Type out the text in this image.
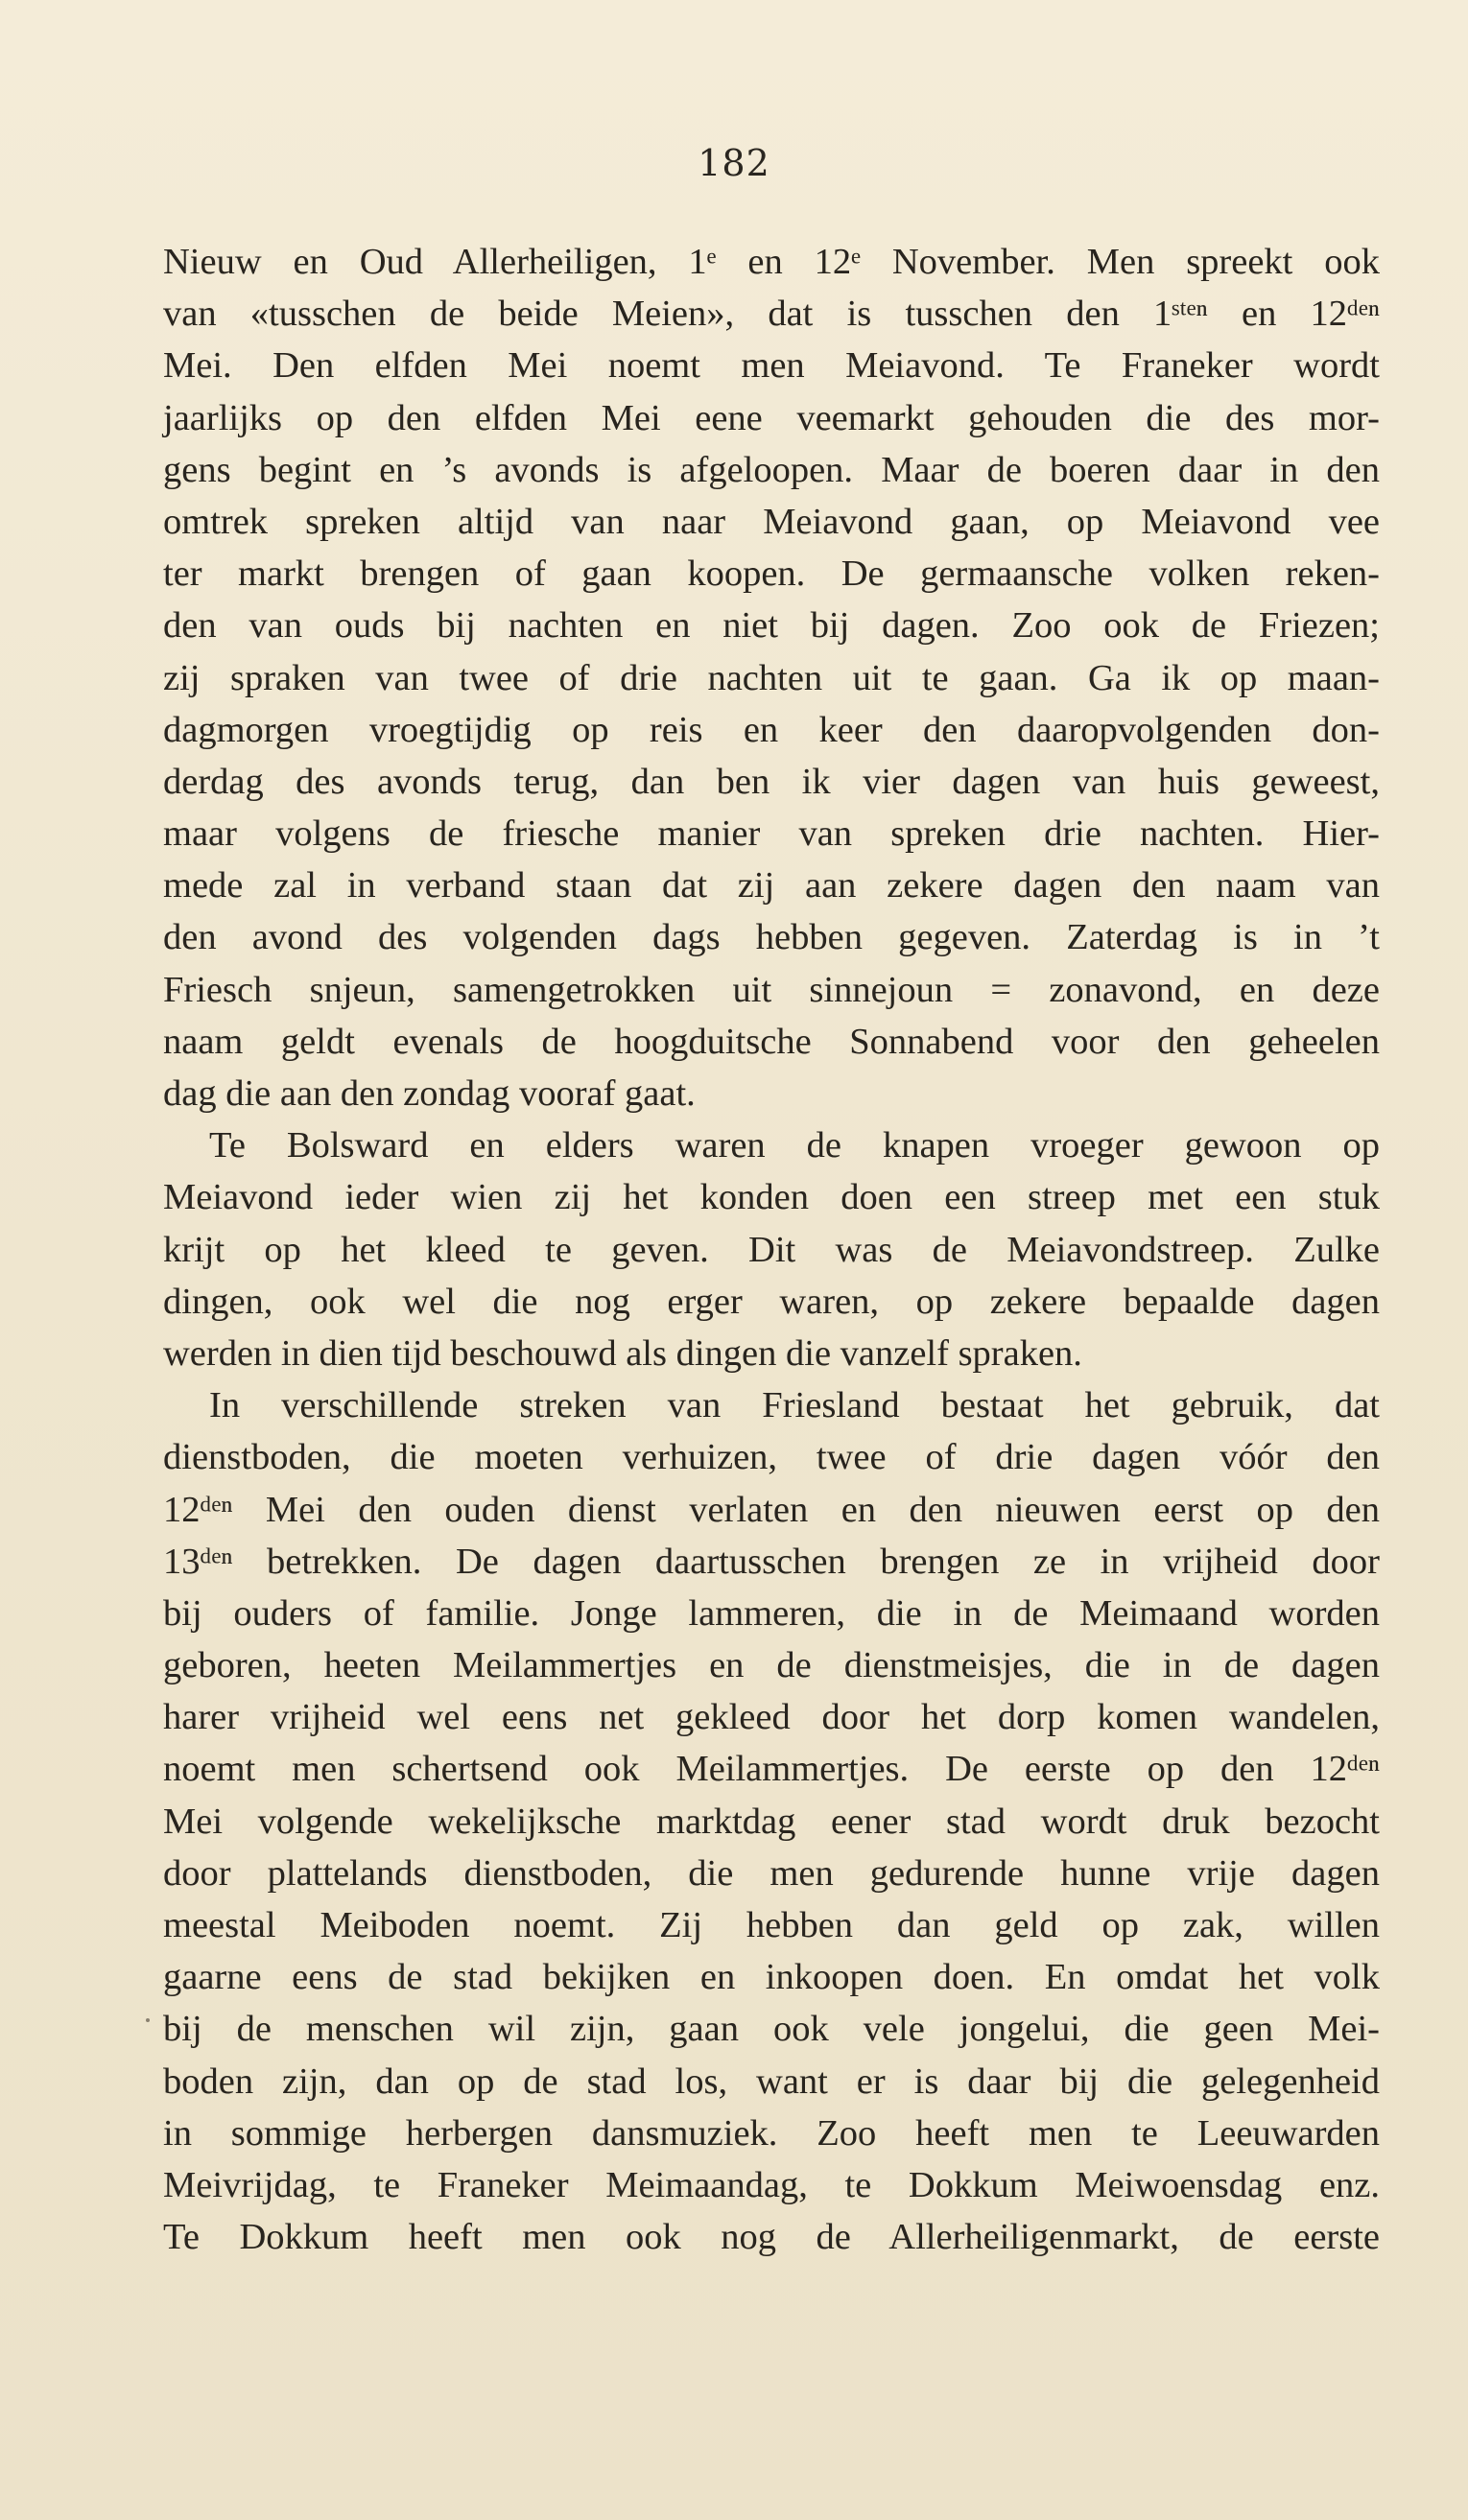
182
Nieuw en Oud Allerheiligen, 1ᵉ en 12ᵉ November. Men spreekt ook
van «tusschen de beide Meien», dat is tusschen den 1ˢᵗᵉⁿ en 12ᵈᵉⁿ
Mei. Den elfden Mei noemt men Meiavond. Te Franeker wordt
jaarlijks op den elfden Mei eene veemarkt gehouden die des mor-
gens begint en ’s avonds is afgeloopen. Maar de boeren daar in den
omtrek spreken altijd van naar Meiavond gaan, op Meiavond vee
ter markt brengen of gaan koopen. De germaansche volken reken-
den van ouds bij nachten en niet bij dagen. Zoo ook de Friezen;
zij spraken van twee of drie nachten uit te gaan. Ga ik op maan-
dagmorgen vroegtijdig op reis en keer den daaropvolgenden don-
derdag des avonds terug, dan ben ik vier dagen van huis geweest,
maar volgens de friesche manier van spreken drie nachten. Hier-
mede zal in verband staan dat zij aan zekere dagen den naam van
den avond des volgenden dags hebben gegeven. Zaterdag is in ’t
Friesch snjeun, samengetrokken uit sinnejoun = zonavond, en deze
naam geldt evenals de hoogduitsche Sonnabend voor den geheelen
dag die aan den zondag vooraf gaat.
Te Bolsward en elders waren de knapen vroeger gewoon op
Meiavond ieder wien zij het konden doen een streep met een stuk
krijt op het kleed te geven. Dit was de Meiavondstreep. Zulke
dingen, ook wel die nog erger waren, op zekere bepaalde dagen
werden in dien tijd beschouwd als dingen die vanzelf spraken.
In verschillende streken van Friesland bestaat het gebruik, dat
dienstboden, die moeten verhuizen, twee of drie dagen vóór den
12ᵈᵉⁿ Mei den ouden dienst verlaten en den nieuwen eerst op den
13ᵈᵉⁿ betrekken. De dagen daartusschen brengen ze in vrijheid door
bij ouders of familie. Jonge lammeren, die in de Meimaand worden
geboren, heeten Meilammertjes en de dienstmeisjes, die in de dagen
harer vrijheid wel eens net gekleed door het dorp komen wandelen,
noemt men schertsend ook Meilammertjes. De eerste op den 12ᵈᵉⁿ
Mei volgende wekelijksche marktdag eener stad wordt druk bezocht
door plattelands dienstboden, die men gedurende hunne vrije dagen
meestal Meiboden noemt. Zij hebben dan geld op zak, willen
gaarne eens de stad bekijken en inkoopen doen. En omdat het volk
bij de menschen wil zijn, gaan ook vele jongelui, die geen Mei-
boden zijn, dan op de stad los, want er is daar bij die gelegenheid
in sommige herbergen dansmuziek. Zoo heeft men te Leeuwarden
Meivrijdag, te Franeker Meimaandag, te Dokkum Meiwoensdag enz.
Te Dokkum heeft men ook nog de Allerheiligenmarkt, de eerste
